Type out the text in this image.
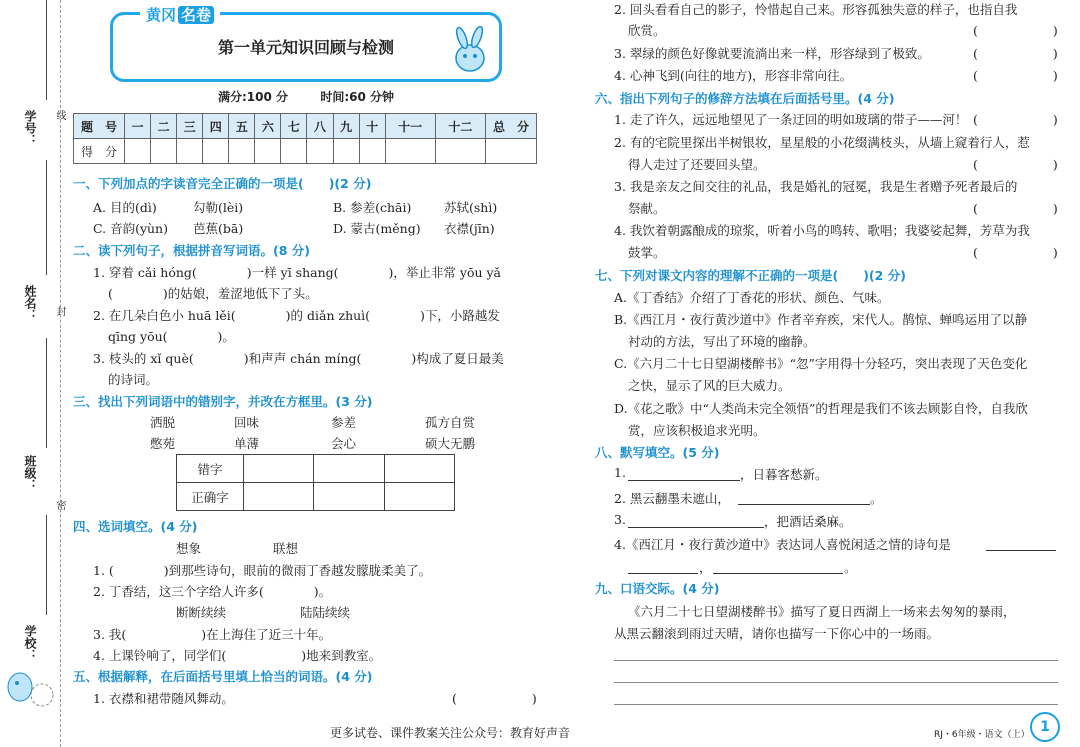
学号： 线
姓名： 封
班级：
密
学校：
黄冈 名卷
第一单元知识回顾与检测
满分:100 分	时间:60 分钟
题　号	一	二	三	四	五	六	七	八	九	十	十一	十二	总　分
得　分													
一、下列加点的字读音完全正确的一项是(　　)(2 分)
A. 目的(dì)	勾勒(lèi)	B. 参差(chāi)	苏轼(shì)
C. 音韵(yùn) 芭蕉(bā)	D. 蒙古(měng) 衣襟(jīn)
二、读下列句子，根据拼音写词语。(8 分)
1. 穿着 cǎi hóng(　　　　)一样 yī shang(　　　　)，举止非常 yōu yǎ
(　　　　)的姑娘，羞涩地低下了头。
2. 在几朵白色小 huā lěi(　　　　)的 diǎn zhuì(　　　　)下，小路越发
qīng yōu(　　　　)。
3. 枝头的 xǐ què(　　　　)和声声 chán míng(　　　　)构成了夏日最美
的诗词。
三、找出下列词语中的错别字，并改在方框里。(3 分)
洒脱	回味	参差	孤方自赏
憋苑	单薄	会心	硕大无鹏
错字			
正确字			
四、选词填空。(4 分)
想象	联想
1. (　　　　)到那些诗句，眼前的微雨丁香越发朦胧柔美了。
2. 丁香结，这三个字给人许多(　　　　)。
断断续续	陆陆续续
3. 我(　　　　　　)在上海住了近三十年。
4. 上课铃响了，同学们(　　　　　　)地来到教室。
五、根据解释，在后面括号里填上恰当的词语。(4 分)
1. 衣襟和裙带随风舞动。	(　　　　　　)
2. 回头看看自己的影子，怜惜起自己来。形容孤独失意的样子，也指自我
欣赏。	(　　　　　　)
3. 翠绿的颜色好像就要流淌出来一样，形容绿到了极致。	(　　　　　　)
4. 心神飞到(向往的地方)，形容非常向往。	(　　　　　　)
六、指出下列句子的修辞方法填在后面括号里。(4 分)
1. 走了许久，远远地望见了一条迂回的明如玻璃的带子——河！ (　　　　　　)
2. 有的宅院里探出半树银妆，星星般的小花缀满枝头，从墙上窥着行人，惹
得人走过了还要回头望。	(　　　　　　)
3. 我是亲友之间交往的礼品，我是婚礼的冠冕，我是生者赠予死者最后的
祭献。	(　　　　　　)
4. 我饮着朝露酿成的琼浆，听着小鸟的鸣转、歌唱；我婆娑起舞，芳草为我
鼓掌。	(　　　　　　)
七、下列对课文内容的理解不正确的一项是(　　)(2 分)
A.《丁香结》介绍了丁香花的形状、颜色、气味。
B.《西江月・夜行黄沙道中》作者辛弃疾，宋代人。鹊惊、蝉鸣运用了以静
衬动的方法，写出了环境的幽静。
C.《六月二十七日望湖楼醉书》“忽”字用得十分轻巧，突出表现了天色变化
之快，显示了风的巨大威力。
D.《花之歌》中“人类尚未完全领悟”的哲理是我们不该去顾影自怜，自我欣
赏，应该积极追求光明。
八、默写填空。(5 分)
1.	，日暮客愁新。
2. 黑云翻墨未遮山，	。
3.	，把酒话桑麻。
4.《西江月・夜行黄沙道中》表达词人喜悦闲适之情的诗句是
，	。
九、口语交际。(4 分)
《六月二十七日望湖楼醉书》描写了夏日西湖上一场来去匆匆的暴雨，
从黑云翻滚到雨过天晴，请你也描写一下你心中的一场雨。
更多试卷、课件教案关注公众号：教育好声音	RJ・6年级・语文（上） 1
